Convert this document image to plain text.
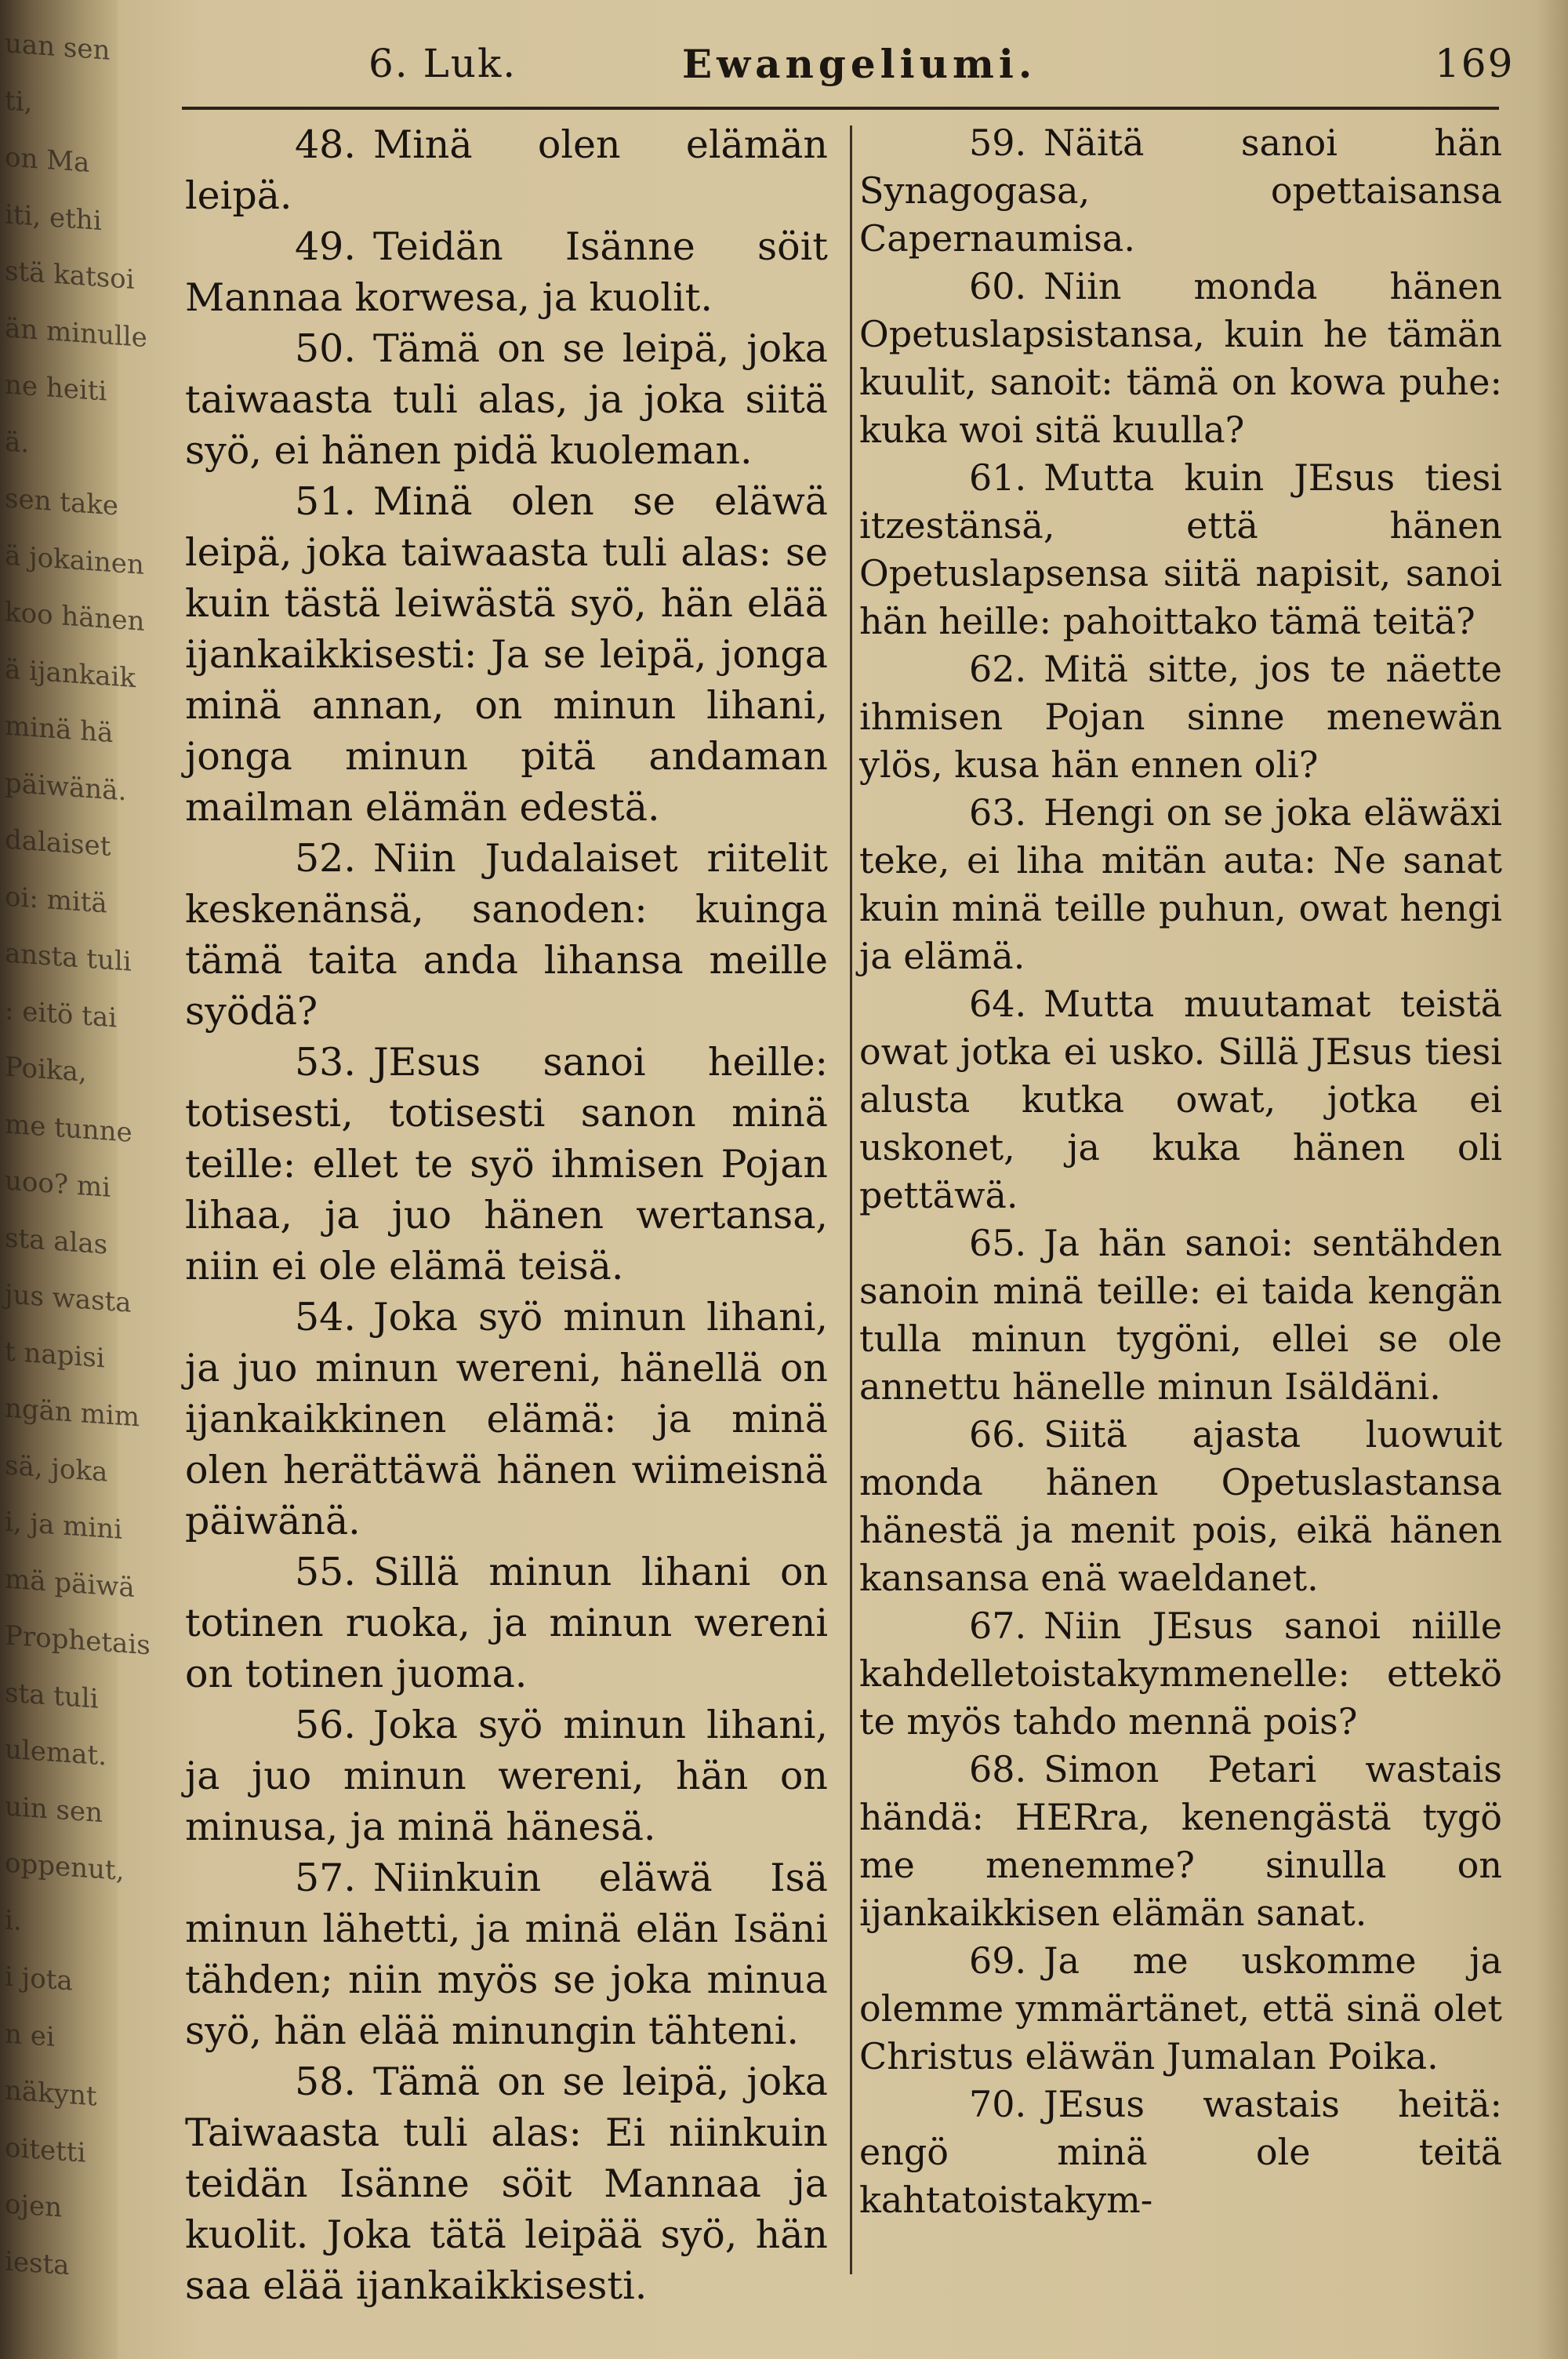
uan sen
ti,
on Ma
iti, ethi
stä katsoi
än minulle
ne heiti
ä.
sen take
ä jokainen
koo hänen
ä ijankaik
minä hä
päiwänä.
dalaiset
oi: mitä
ansta tuli
: eitö tai
Poika,
me tunne
uoo? mi
sta alas
jus wasta
t napisi
ngän mim
sä, joka
i, ja mini
mä päiwä
Prophetais
sta tuli
ulemat.
uin sen
oppenut,
i.
i jota
n ei
näkynt
oitetti
ojen
iesta
6. Luk.	Ewangeliumi.	169

48. Minä olen elämän leipä.

49. Teidän Isänne söit Mannaa korwesa, ja kuolit.

50. Tämä on se leipä, joka taiwaasta tuli alas, ja joka siitä syö, ei hänen pidä kuoleman.

51. Minä olen se eläwä leipä, joka taiwaasta tuli alas: se kuin tästä leiwästä syö, hän elää ijankaikkisesti: Ja se leipä, jonga minä annan, on minun lihani, jonga minun pitä andaman mailman elämän edestä.

52. Niin Judalaiset riitelit keskenänsä, sanoden: kuinga tämä taita anda lihansa meille syödä?

53. JEsus sanoi heille: totisesti, totisesti sanon minä teille: ellet te syö ihmisen Pojan lihaa, ja juo hänen wertansa, niin ei ole elämä teisä.

54. Joka syö minun lihani, ja juo minun wereni, hänellä on ijankaikkinen elämä: ja minä olen herättäwä hänen wiimeisnä päiwänä.

55. Sillä minun lihani on totinen ruoka, ja minun wereni on totinen juoma.

56. Joka syö minun lihani, ja juo minun wereni, hän on minusa, ja minä hänesä.

57. Niinkuin eläwä Isä minun lähetti, ja minä elän Isäni tähden; niin myös se joka minua syö, hän elää minungin tähteni.

58. Tämä on se leipä, joka Taiwaasta tuli alas: Ei niinkuin teidän Isänne söit Mannaa ja kuolit. Joka tätä leipää syö, hän saa elää ijankaikkisesti.

59. Näitä sanoi hän Synagogasa, opettaisansa Capernaumisa.

60. Niin monda hänen Opetuslapsistansa, kuin he tämän kuulit, sanoit: tämä on kowa puhe: kuka woi sitä kuulla?

61. Mutta kuin JEsus tiesi itzestänsä, että hänen Opetuslapsensa siitä napisit, sanoi hän heille: pahoittako tämä teitä?

62. Mitä sitte, jos te näette ihmisen Pojan sinne menewän ylös, kusa hän ennen oli?

63. Hengi on se joka eläwäxi teke, ei liha mitän auta: Ne sanat kuin minä teille puhun, owat hengi ja elämä.

64. Mutta muutamat teistä owat jotka ei usko. Sillä JEsus tiesi alusta kutka owat, jotka ei uskonet, ja kuka hänen oli pettäwä.

65. Ja hän sanoi: sentähden sanoin minä teille: ei taida kengän tulla minun tygöni, ellei se ole annettu hänelle minun Isäldäni.

66. Siitä ajasta luowuit monda hänen Opetuslastansa hänestä ja menit pois, eikä hänen kansansa enä waeldanet.

67. Niin JEsus sanoi niille kahdelletoistakymmenelle: ettekö te myös tahdo mennä pois?

68. Simon Petari wastais händä: HERra, kenengästä tygö me menemme? sinulla on ijankaikkisen elämän sanat.

69. Ja me uskomme ja olemme ymmärtänet, että sinä olet Christus eläwän Jumalan Poika.

70. JEsus wastais heitä: engö minä ole teitä kahtatoistakym-
